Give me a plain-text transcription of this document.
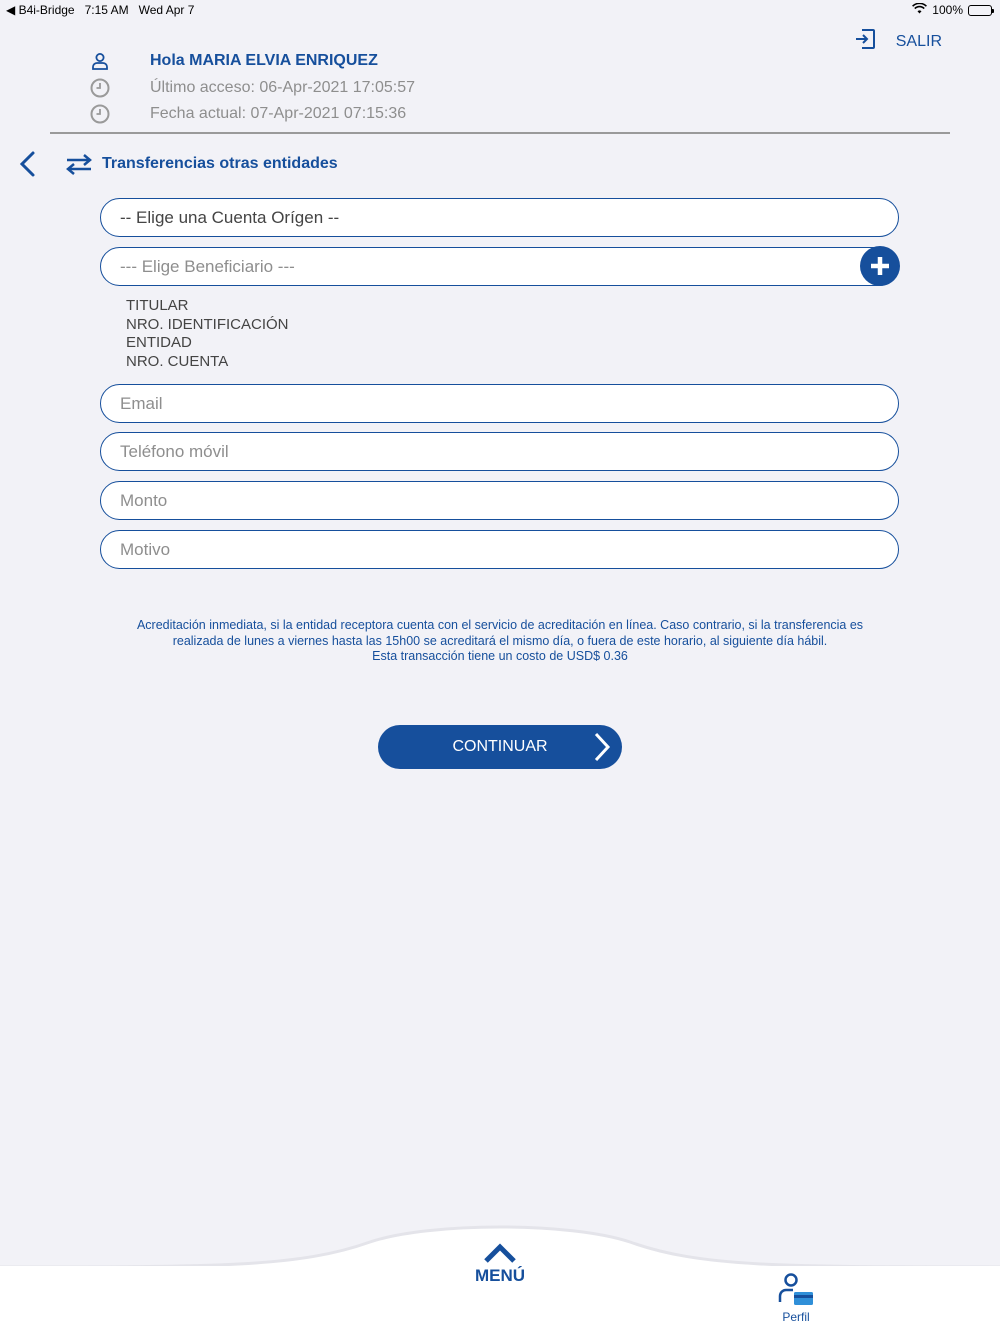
◀ B4i-Bridge 7:15 AM Wed Apr 7	100%
SALIR
Hola MARIA ELVIA ENRIQUEZ
Último acceso: 06-Apr-2021 17:05:57
Fecha actual: 07-Apr-2021 07:15:36
Transferencias otras entidades
-- Elige una Cuenta Orígen --
--- Elige Beneficiario ---
TITULAR
NRO. IDENTIFICACIÓN
ENTIDAD
NRO. CUENTA
Email
Teléfono móvil
Monto
Motivo
Acreditación inmediata, si la entidad receptora cuenta con el servicio de acreditación en línea. Caso contrario, si la transferencia es
realizada de lunes a viernes hasta las 15h00 se acreditará el mismo día, o fuera de este horario, al siguiente día hábil.
Esta transacción tiene un costo de USD$ 0.36
CONTINUAR
MENÚ
Perfil
